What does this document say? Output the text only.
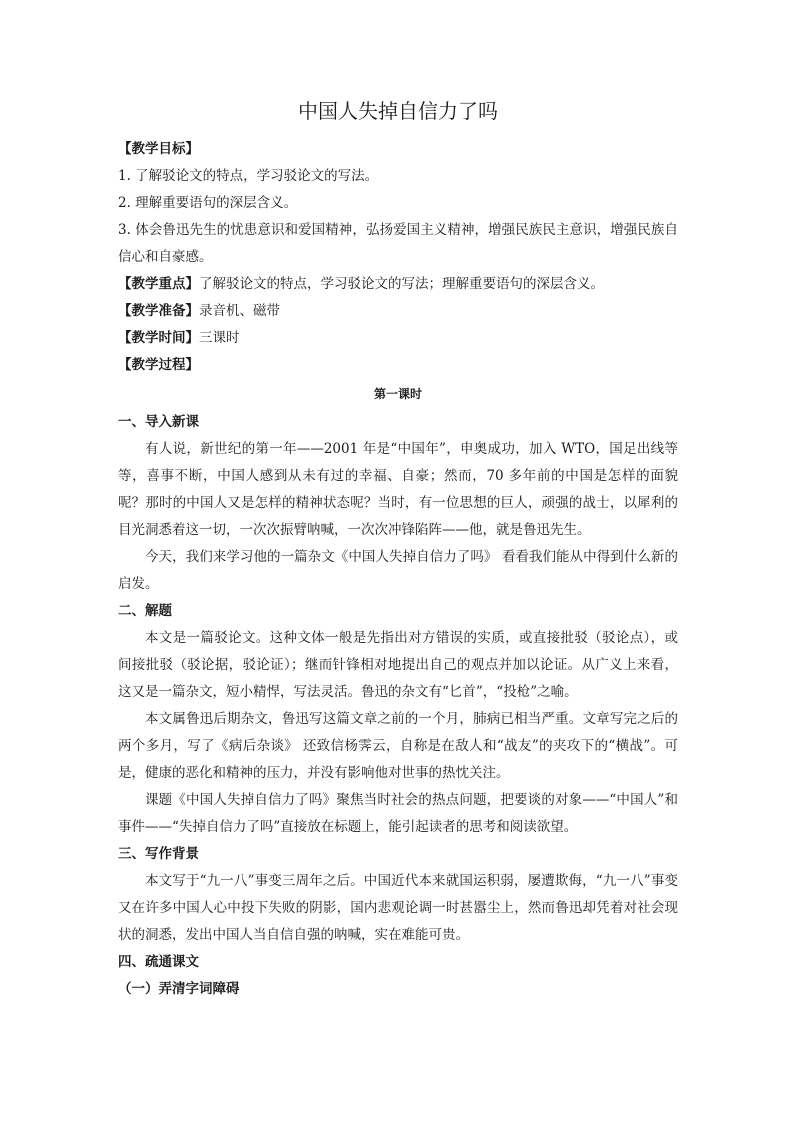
中国人失掉自信力了吗
【教学目标】
1. 了解驳论文的特点，学习驳论文的写法。
2. 理解重要语句的深层含义。

3. 体会鲁迅先生的忧患意识和爱国精神，弘扬爱国主义精神，增强民族民主意识，增强民族自信心和自豪感。

【教学重点】了解驳论文的特点，学习驳论文的写法；理解重要语句的深层含义。
【教学准备】录音机、磁带
【教学时间】三课时
【教学过程】
第一课时
一、导入新课

有人说，新世纪的第一年——2001 年是“中国年”，申奥成功，加入 WTO，国足出线等等，喜事不断，中国人感到从未有过的幸福、自豪；然而，70 多年前的中国是怎样的面貌呢？那时的中国人又是怎样的精神状态呢？当时，有一位思想的巨人，顽强的战士，以犀利的目光洞悉着这一切，一次次振臂呐喊，一次次冲锋陷阵——他，就是鲁迅先生。

今天，我们来学习他的一篇杂文《中国人失掉自信力了吗》 看看我们能从中得到什么新的启发。

二、解题

本文是一篇驳论文。这种文体一般是先指出对方错误的实质，或直接批驳（驳论点），或间接批驳（驳论据，驳论证）；继而针锋相对地提出自己的观点并加以论证。从广义上来看，这又是一篇杂文，短小精悍，写法灵活。鲁迅的杂文有“匕首”，“投枪”之喻。

本文属鲁迅后期杂文，鲁迅写这篇文章之前的一个月，肺病已相当严重。文章写完之后的两个多月，写了《病后杂谈》 还致信杨霁云，自称是在敌人和“战友”的夹攻下的“横战”。可是，健康的恶化和精神的压力，并没有影响他对世事的热忱关注。

课题《中国人失掉自信力了吗》聚焦当时社会的热点问题，把要谈的对象——“中国人”和事件——“失掉自信力了吗”直接放在标题上，能引起读者的思考和阅读欲望。

三、写作背景

本文写于“九一八”事变三周年之后。中国近代本来就国运积弱，屡遭欺侮，“九一八”事变又在许多中国人心中投下失败的阴影，国内悲观论调一时甚嚣尘上，然而鲁迅却凭着对社会现状的洞悉，发出中国人当自信自强的呐喊，实在难能可贵。

四、疏通课文
（一）弄清字词障碍
